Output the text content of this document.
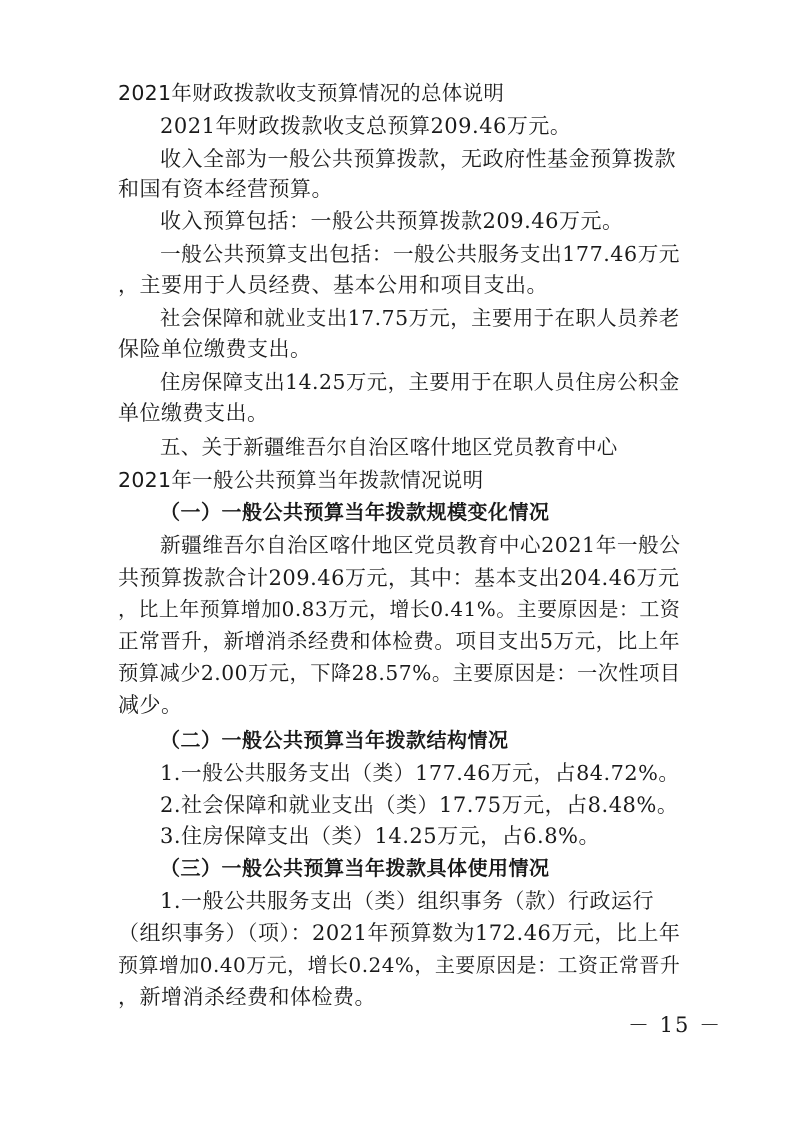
2021年财政拨款收支预算情况的总体说明
2021年财政拨款收支总预算209.46万元。
收入全部为一般公共预算拨款，无政府性基金预算拨款
和国有资本经营预算。
收入预算包括：一般公共预算拨款209.46万元。
一般公共预算支出包括：一般公共服务支出177.46万元
，主要用于人员经费、基本公用和项目支出。
社会保障和就业支出17.75万元，主要用于在职人员养老
保险单位缴费支出。
住房保障支出14.25万元，主要用于在职人员住房公积金
单位缴费支出。
五、关于新疆维吾尔自治区喀什地区党员教育中心
2021年一般公共预算当年拨款情况说明
（一）一般公共预算当年拨款规模变化情况
新疆维吾尔自治区喀什地区党员教育中心2021年一般公
共预算拨款合计209.46万元，其中：基本支出204.46万元
，比上年预算增加0.83万元，增长0.41%。主要原因是：工资
正常晋升，新增消杀经费和体检费。项目支出5万元，比上年
预算减少2.00万元，下降28.57%。主要原因是：一次性项目
减少。
（二）一般公共预算当年拨款结构情况
1.一般公共服务支出（类）177.46万元，占84.72%。
2.社会保障和就业支出（类）17.75万元，占8.48%。
3.住房保障支出（类）14.25万元，占6.8%。
（三）一般公共预算当年拨款具体使用情况
1.一般公共服务支出（类）组织事务（款）行政运行
（组织事务）（项）：2021年预算数为172.46万元，比上年
预算增加0.40万元，增长0.24%，主要原因是：工资正常晋升
，新增消杀经费和体检费。
－ 15 －
